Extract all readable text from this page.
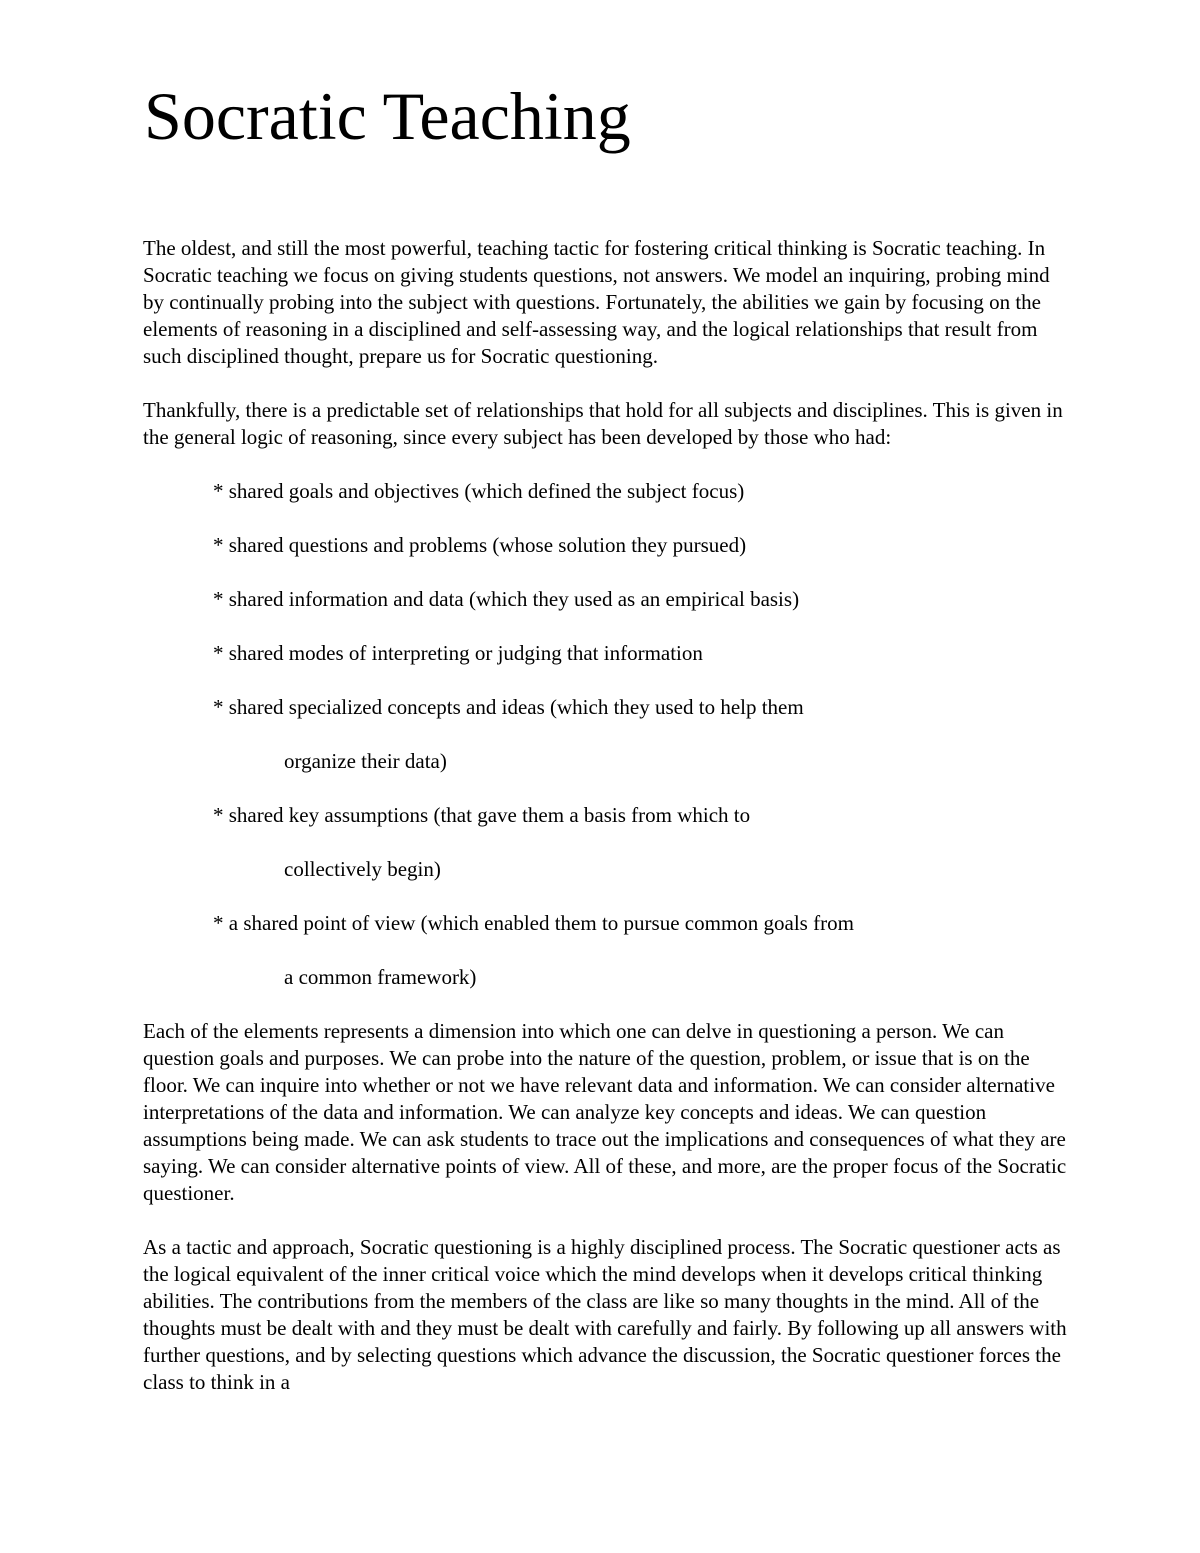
Socratic Teaching

The oldest, and still the most powerful, teaching tactic for fostering critical thinking is Socratic teaching. In Socratic teaching we focus on giving students questions, not answers. We model an inquiring, probing mind by continually probing into the subject with questions. Fortunately, the abilities we gain by focusing on the elements of reasoning in a disciplined and self-assessing way, and the logical relationships that result from such disciplined thought, prepare us for Socratic questioning.

Thankfully, there is a predictable set of relationships that hold for all subjects and disciplines. This is given in the general logic of reasoning, since every subject has been developed by those who had:

* shared goals and objectives (which defined the subject focus)

* shared questions and problems (whose solution they pursued)

* shared information and data (which they used as an empirical basis)

* shared modes of interpreting or judging that information

* shared specialized concepts and ideas (which they used to help them

organize their data)

* shared key assumptions (that gave them a basis from which to

collectively begin)

* a shared point of view (which enabled them to pursue common goals from

a common framework)

Each of the elements represents a dimension into which one can delve in questioning a person. We can question goals and purposes. We can probe into the nature of the question, problem, or issue that is on the floor. We can inquire into whether or not we have relevant data and information. We can consider alternative interpretations of the data and information. We can analyze key concepts and ideas. We can question assumptions being made. We can ask students to trace out the implications and consequences of what they are saying. We can consider alternative points of view. All of these, and more, are the proper focus of the Socratic questioner.

As a tactic and approach, Socratic questioning is a highly disciplined process. The Socratic questioner acts as the logical equivalent of the inner critical voice which the mind develops when it develops critical thinking abilities. The contributions from the members of the class are like so many thoughts in the mind. All of the thoughts must be dealt with and they must be dealt with carefully and fairly. By following up all answers with further questions, and by selecting questions which advance the discussion, the Socratic questioner forces the class to think in a
